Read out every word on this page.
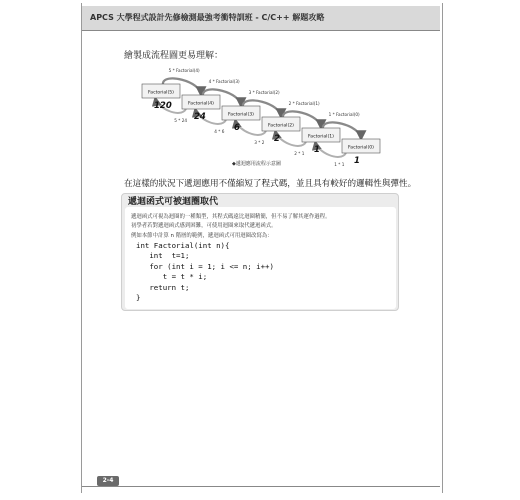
APCS 大學程式設計先修檢測最強考衝特訓班 - C/C++ 解題攻略
繪製成流程圖更易理解：
Factorial(5)
Factorial(4)
Factorial(3)
Factorial(2)
Factorial(1)
Factorial(0)
5 * Factorial(4)
4 * Factorial(3)
3 * Factorial(2)
2 * Factorial(1)
1 * Factorial(0)
120
24
6
2
1
1
5 * 24
4 * 6
3 * 2
2 * 1
1 * 1
◆遞迴應用流程示意圖
在這樣的狀況下遞迴應用不僅縮短了程式碼，並且具有較好的邏輯性與彈性。
遞迴函式可被迴圈取代
遞迴函式可視為迴圈的一種類型，其程式碼遠比迴圈精簡，但不易了解其運作過程。
初學者若對遞迴函式感到困難，可使用迴圈來取代遞迴函式。
例如本節中計算 n 階層的範例，遞迴函式可用迴圈改寫為：
int Factorial(int n){
int  t=1;
for (int i = 1; i <= n; i++)
t = t * i;
return t;
}
2-4
